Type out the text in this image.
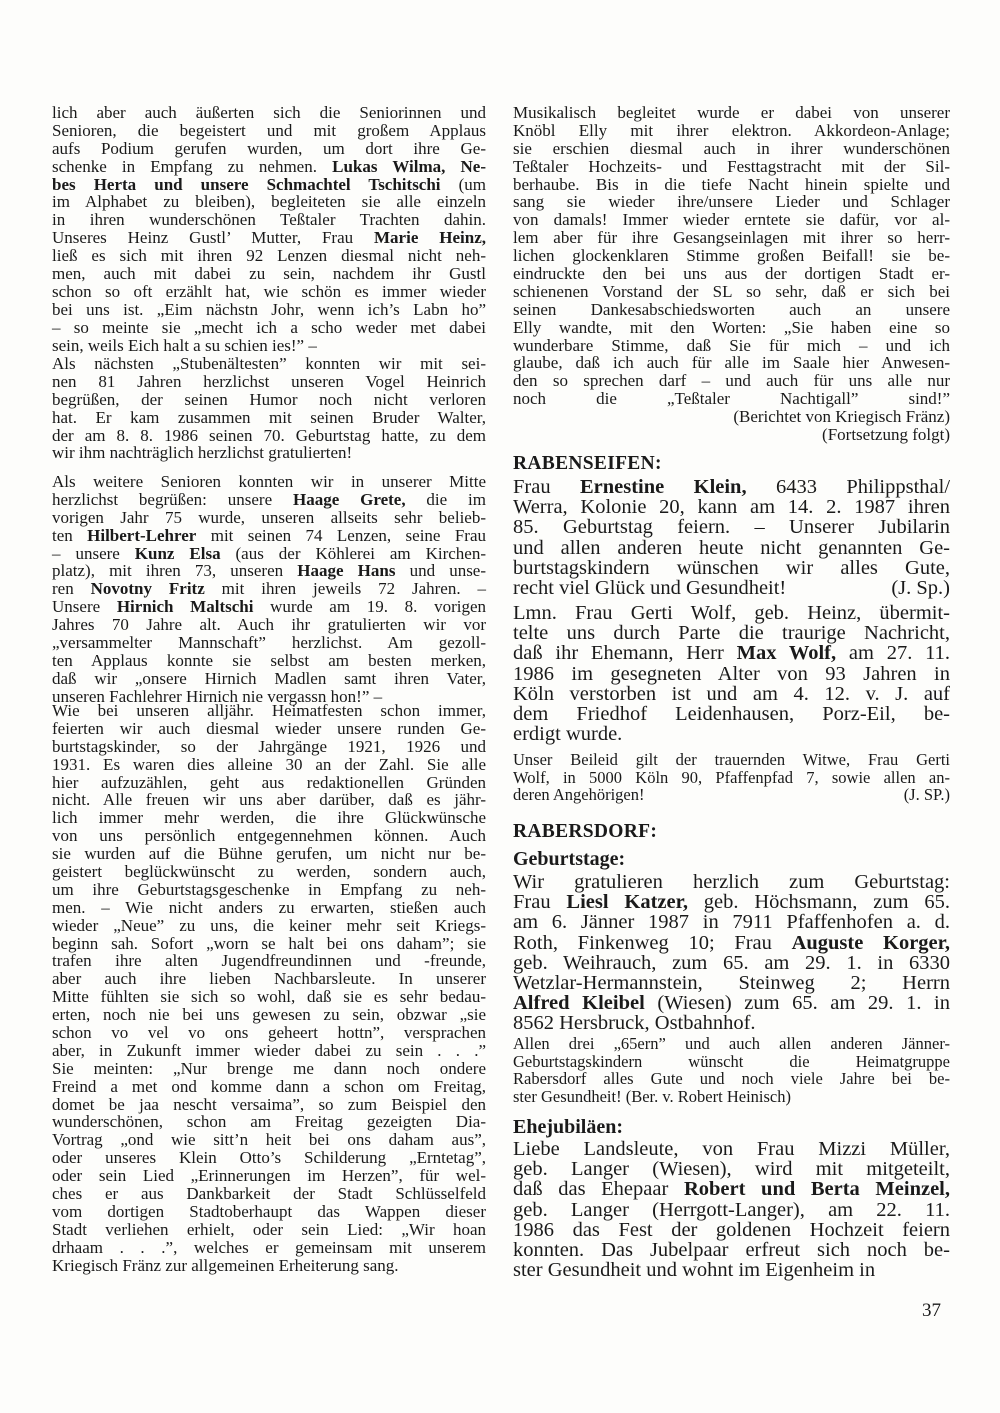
lich aber auch äußerten sich die Seniorinnen und
Senioren, die begeistert und mit großem Applaus
aufs Podium gerufen wurden, um dort ihre Ge-
schenke in Empfang zu nehmen. Lukas Wilma, Ne-
bes Herta und unsere Schmachtel Tschitschi (um
im Alphabet zu bleiben), begleiteten sie alle einzeln
in ihren wunderschönen Teßtaler Trachten dahin.
Unseres Heinz Gustl’ Mutter, Frau Marie Heinz,
ließ es sich mit ihren 92 Lenzen diesmal nicht neh-
men, auch mit dabei zu sein, nachdem ihr Gustl
schon so oft erzählt hat, wie schön es immer wieder
bei uns ist. „Eim nächstn Johr, wenn ich’s Labn ho”
– so meinte sie „mecht ich a scho weder met dabei
sein, weils Eich halt a su schien ies!” –
Als nächsten „Stubenältesten” konnten wir mit sei-
nen 81 Jahren herzlichst unseren Vogel Heinrich
begrüßen, der seinen Humor noch nicht verloren
hat. Er kam zusammen mit seinen Bruder Walter,
der am 8. 8. 1986 seinen 70. Geburtstag hatte, zu dem
wir ihm nachträglich herzlichst gratulierten!
Als weitere Senioren konnten wir in unserer Mitte
herzlichst begrüßen: unsere Haage Grete, die im
vorigen Jahr 75 wurde, unseren allseits sehr belieb-
ten Hilbert-Lehrer mit seinen 74 Lenzen, seine Frau
– unsere Kunz Elsa (aus der Köhlerei am Kirchen-
platz), mit ihren 73, unseren Haage Hans und unse-
ren Novotny Fritz mit ihren jeweils 72 Jahren. –
Unsere Hirnich Maltschi wurde am 19. 8. vorigen
Jahres 70 Jahre alt. Auch ihr gratulierten wir vor
„versammelter Mannschaft” herzlichst. Am gezoll-
ten Applaus konnte sie selbst am besten merken,
daß wir „onsere Hirnich Madlen samt ihren Vater,
unseren Fachlehrer Hirnich nie vergassn hon!” –
Wie bei unseren alljähr. Heimatfesten schon immer,
feierten wir auch diesmal wieder unsere runden Ge-
burtstagskinder, so der Jahrgänge 1921, 1926 und
1931. Es waren dies alleine 30 an der Zahl. Sie alle
hier aufzuzählen, geht aus redaktionellen Gründen
nicht. Alle freuen wir uns aber darüber, daß es jähr-
lich immer mehr werden, die ihre Glückwünsche
von uns persönlich entgegennehmen können. Auch
sie wurden auf die Bühne gerufen, um nicht nur be-
geistert beglückwünscht zu werden, sondern auch,
um ihre Geburtstagsgeschenke in Empfang zu neh-
men. – Wie nicht anders zu erwarten, stießen auch
wieder „Neue” zu uns, die keiner mehr seit Kriegs-
beginn sah. Sofort „worn se halt bei ons daham”; sie
trafen ihre alten Jugendfreundinnen und -freunde,
aber auch ihre lieben Nachbarsleute. In unserer
Mitte fühlten sie sich so wohl, daß sie es sehr bedau-
erten, noch nie bei uns gewesen zu sein, obzwar „sie
schon vo vel vo ons geheert hottn”, versprachen
aber, in Zukunft immer wieder dabei zu sein . . .”
Sie meinten: „Nur brenge me dann noch ondere
Freind a met ond komme dann a schon om Freitag,
domet be jaa nescht versaima”, so zum Beispiel den
wunderschönen, schon am Freitag gezeigten Dia-
Vortrag „ond wie sitt’n heit bei ons daham aus”,
oder unseres Klein Otto’s Schilderung „Erntetag”,
oder sein Lied „Erinnerungen im Herzen”, für wel-
ches er aus Dankbarkeit der Stadt Schlüsselfeld
vom dortigen Stadtoberhaupt das Wappen dieser
Stadt verliehen erhielt, oder sein Lied: „Wir hoan
drhaam . . .”, welches er gemeinsam mit unserem
Kriegisch Fränz zur allgemeinen Erheiterung sang.
Musikalisch begleitet wurde er dabei von unserer
Knöbl Elly mit ihrer elektron. Akkordeon-Anlage;
sie erschien diesmal auch in ihrer wunderschönen
Teßtaler Hochzeits- und Festtagstracht mit der Sil-
berhaube. Bis in die tiefe Nacht hinein spielte und
sang sie wieder ihre/unsere Lieder und Schlager
von damals! Immer wieder erntete sie dafür, vor al-
lem aber für ihre Gesangseinlagen mit ihrer so herr-
lichen glockenklaren Stimme großen Beifall! sie be-
eindruckte den bei uns aus der dortigen Stadt er-
schienenen Vorstand der SL so sehr, daß er sich bei
seinen Dankesabschiedsworten auch an unsere
Elly wandte, mit den Worten: „Sie haben eine so
wunderbare Stimme, daß Sie für mich – und ich
glaube, daß ich auch für alle im Saale hier Anwesen-
den so sprechen darf – und auch für uns alle nur
noch die „Teßtaler Nachtigall” sind!”
(Berichtet von Kriegisch Fränz)
(Fortsetzung folgt)
RABENSEIFEN:
Frau Ernestine Klein, 6433 Philippsthal/
Werra, Kolonie 20, kann am 14. 2. 1987 ihren
85. Geburtstag feiern. – Unserer Jubilarin
und allen anderen heute nicht genannten Ge-
burtstagskindern wünschen wir alles Gute,
(J. Sp.)
recht viel Glück und Gesundheit!
Lmn. Frau Gerti Wolf, geb. Heinz, übermit-
telte uns durch Parte die traurige Nachricht,
daß ihr Ehemann, Herr Max Wolf, am 27. 11.
1986 im gesegneten Alter von 93 Jahren in
Köln verstorben ist und am 4. 12. v. J. auf
dem Friedhof Leidenhausen, Porz-Eil, be-
erdigt wurde.
Unser Beileid gilt der trauernden Witwe, Frau Gerti
Wolf, in 5000 Köln 90, Pfaffenpfad 7, sowie allen an-
(J. SP.)
deren Angehörigen!
RABERSDORF:
Geburtstage:
Wir gratulieren herzlich zum Geburtstag:
Frau Liesl Katzer, geb. Höchsmann, zum 65.
am 6. Jänner 1987 in 7911 Pfaffenhofen a. d.
Roth, Finkenweg 10; Frau Auguste Korger,
geb. Weihrauch, zum 65. am 29. 1. in 6330
Wetzlar-Hermannstein, Steinweg 2; Herrn
Alfred Kleibel (Wiesen) zum 65. am 29. 1. in
8562 Hersbruck, Ostbahnhof.
Allen drei „65ern” und auch allen anderen Jänner-
Geburtstagskindern wünscht die Heimatgruppe
Rabersdorf alles Gute und noch viele Jahre bei be-
ster Gesundheit! (Ber. v. Robert Heinisch)
Ehejubiläen:
Liebe Landsleute, von Frau Mizzi Müller,
geb. Langer (Wiesen), wird mit mitgeteilt,
daß das Ehepaar Robert und Berta Meinzel,
geb. Langer (Herrgott-Langer), am 22. 11.
1986 das Fest der goldenen Hochzeit feiern
konnten. Das Jubelpaar erfreut sich noch be-
ster Gesundheit und wohnt im Eigenheim in
37
